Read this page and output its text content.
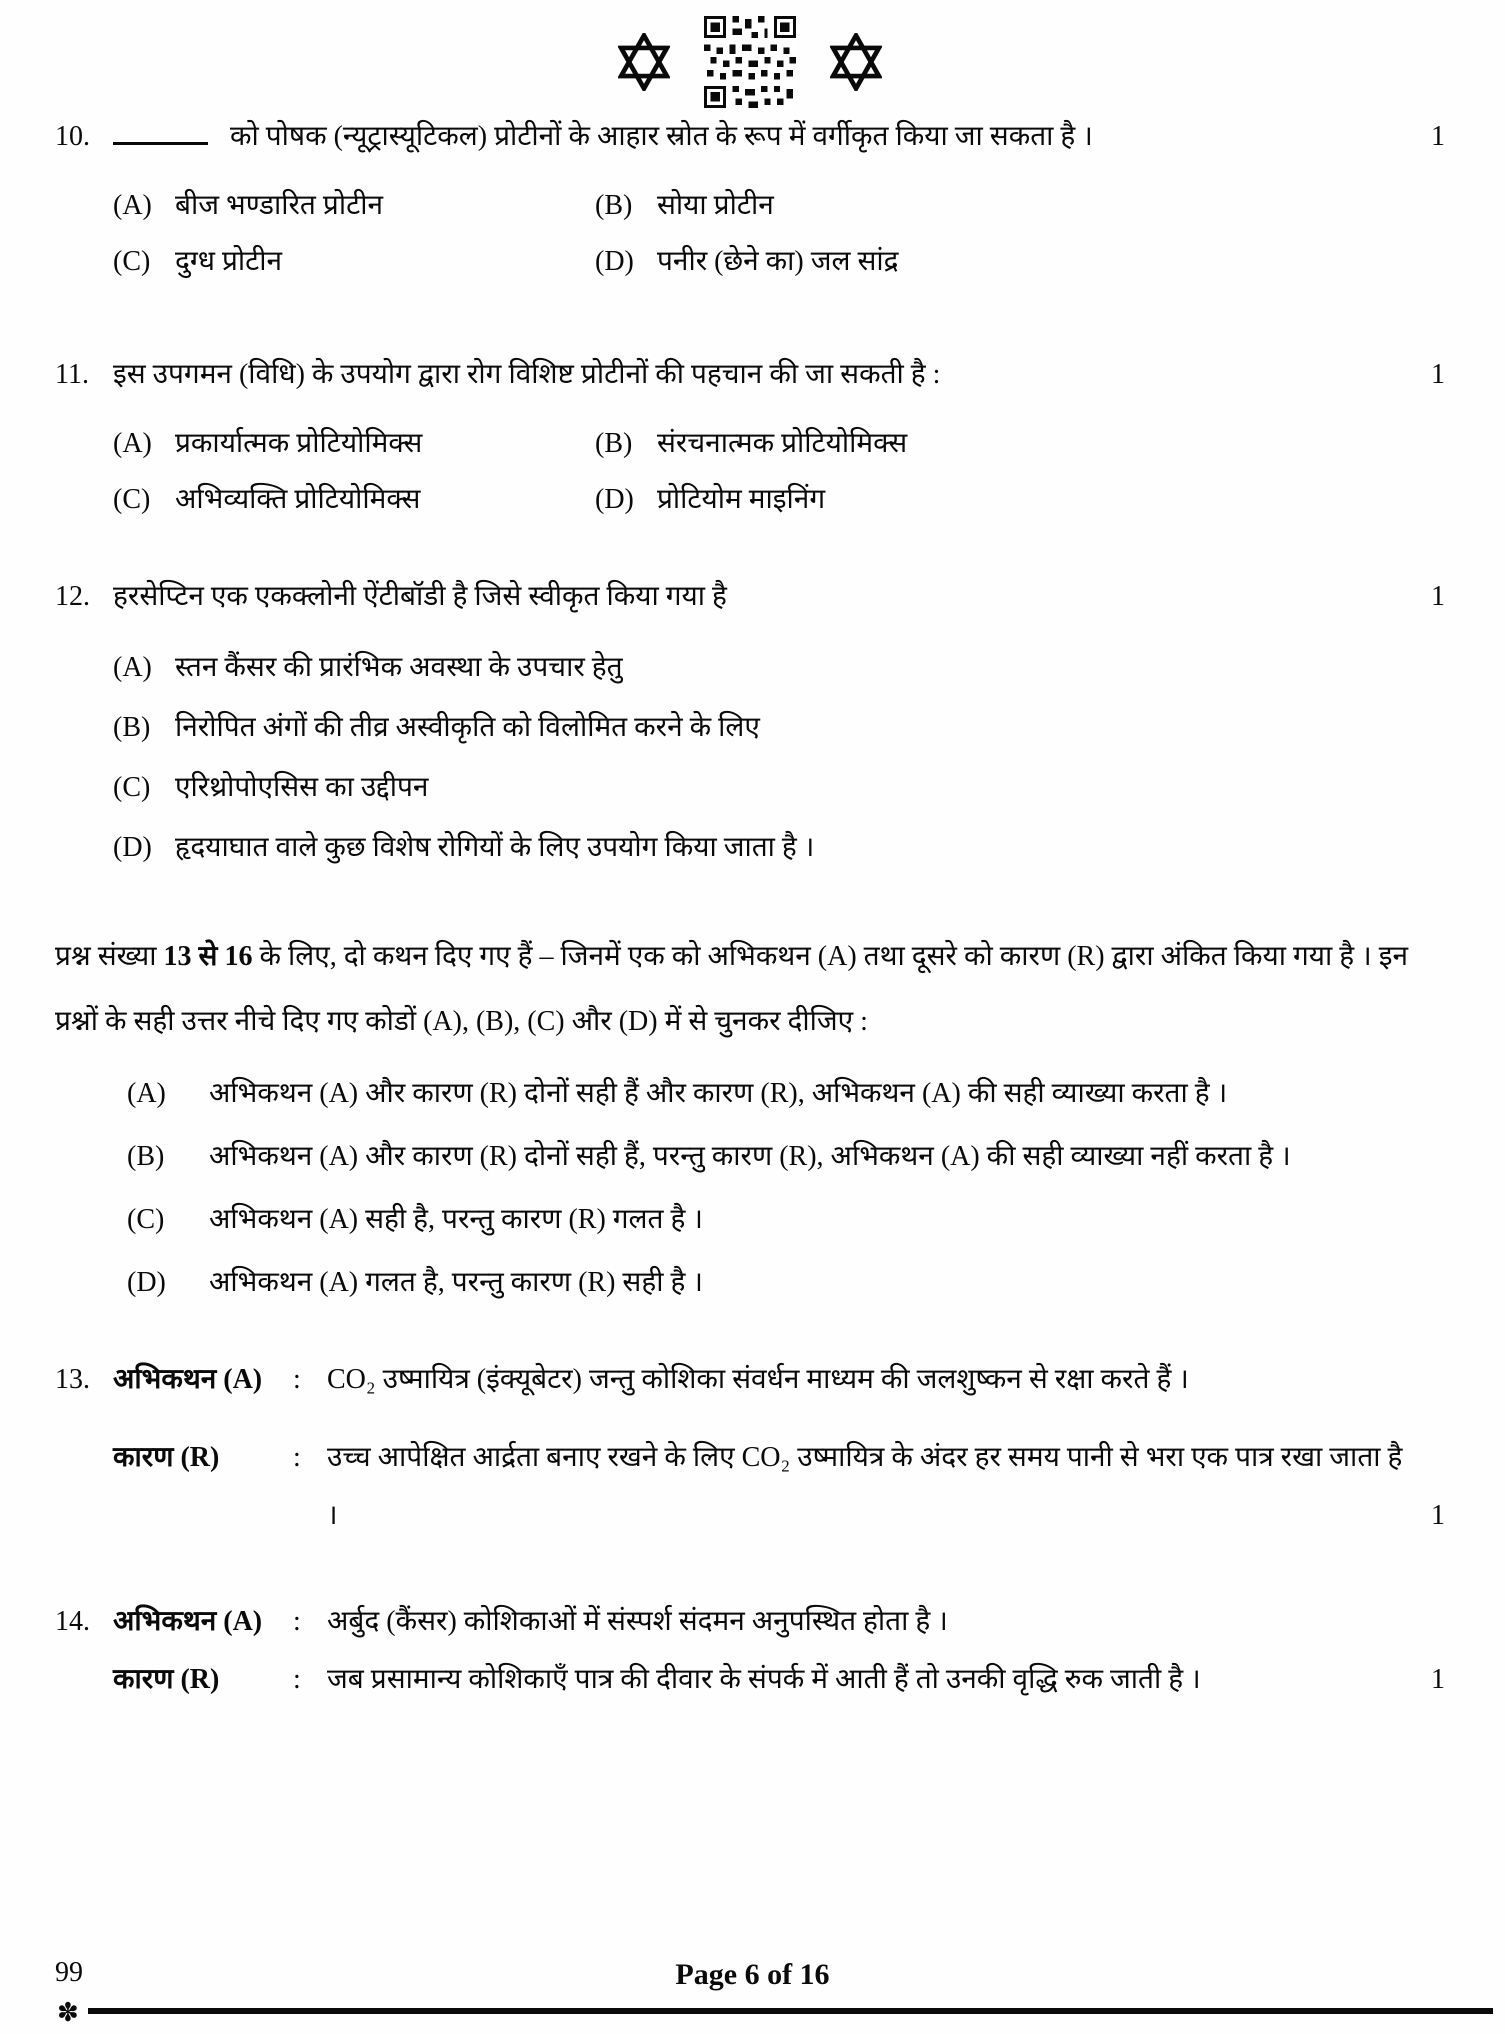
10.	को पोषक (न्यूट्रास्यूटिकल) प्रोटीनों के आहार स्रोत के रूप में वर्गीकृत किया जा सकता है ।
(A) बीज भण्डारित प्रोटीन	(B) सोया प्रोटीन
(C) दुग्ध प्रोटीन	(D) पनीर (छेने का) जल सांद्र
1
11. इस उपगमन (विधि) के उपयोग द्वारा रोग विशिष्ट प्रोटीनों की पहचान की जा सकती है :
(A) प्रकार्यात्मक प्रोटियोमिक्स	(B) संरचनात्मक प्रोटियोमिक्स
(C) अभिव्यक्ति प्रोटियोमिक्स	(D) प्रोटियोम माइनिंग
1
12. हरसेप्टिन एक एकक्लोनी ऐंटीबॉडी है जिसे स्वीकृत किया गया है
(A) स्तन कैंसर की प्रारंभिक अवस्था के उपचार हेतु
(B) निरोपित अंगों की तीव्र अस्वीकृति को विलोमित करने के लिए
(C) एरिथ्रोपोएसिस का उद्दीपन
(D) हृदयाघात वाले कुछ विशेष रोगियों के लिए उपयोग किया जाता है ।
1
प्रश्न संख्या 13 से 16 के लिए, दो कथन दिए गए हैं – जिनमें एक को अभिकथन (A) तथा दूसरे को कारण (R) द्वारा अंकित किया गया है । इन प्रश्नों के सही उत्तर नीचे दिए गए कोडों (A), (B), (C) और (D) में से चुनकर दीजिए :
(A)	अभिकथन (A) और कारण (R) दोनों सही हैं और कारण (R), अभिकथन (A) की सही व्याख्या करता है ।
(B)	अभिकथन (A) और कारण (R) दोनों सही हैं, परन्तु कारण (R), अभिकथन (A) की सही व्याख्या नहीं करता है ।
(C)	अभिकथन (A) सही है, परन्तु कारण (R) गलत है ।
(D)	अभिकथन (A) गलत है, परन्तु कारण (R) सही है ।
13. अभिकथन (A)	: CO₂ उष्मायित्र (इंक्यूबेटर) जन्तु कोशिका संवर्धन माध्यम की जलशुष्कन से रक्षा करते हैं ।
कारण (R)	: उच्च आपेक्षित आर्द्रता बनाए रखने के लिए CO₂ उष्मायित्र के अंदर हर समय पानी से भरा एक पात्र रखा जाता है ।	1
14. अभिकथन (A)	: अर्बुद (कैंसर) कोशिकाओं में संस्पर्श संदमन अनुपस्थित होता है ।
कारण (R)	: जब प्रसामान्य कोशिकाएँ पात्र की दीवार के संपर्क में आती हैं तो उनकी वृद्धि रुक जाती है ।	1
99	Page 6 of 16
✽
